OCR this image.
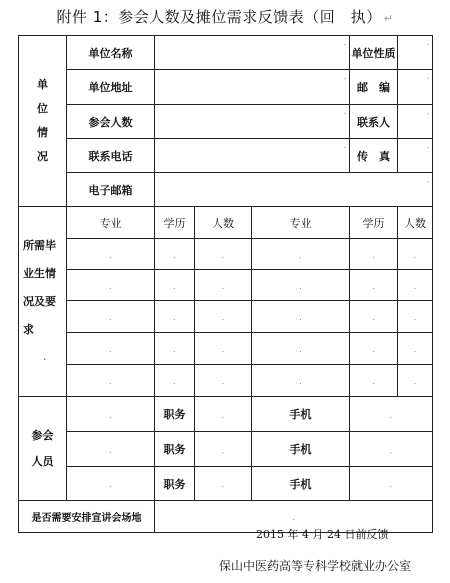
附件 1：参会人数及摊位需求反馈表（回　执） ↵
单
位
情
况	单位名称	.			单位性质	.

	单位地址	.			邮　编	.

	参会人数	.			联系人	.

	联系电话	.			传　真	.

	电子邮箱	.				

所需毕
业生情
况及要
求
.	专业	学历	人数	专业	学历	人数
	.	.	.	.	.	.
	.	.	.	.	.	.
	.	.	.	.	.	.
	.	.	.	.	.	.
	.	.	.	.	.	.

参会
人员	.	职务	.	手机	.	
	.	职务	.	手机	.	
	.	职务	.	手机	.	
是否需要安排宣讲会场地		.				
2015 年 4 月 24 日前反馈
保山中医药高等专科学校就业办公室
